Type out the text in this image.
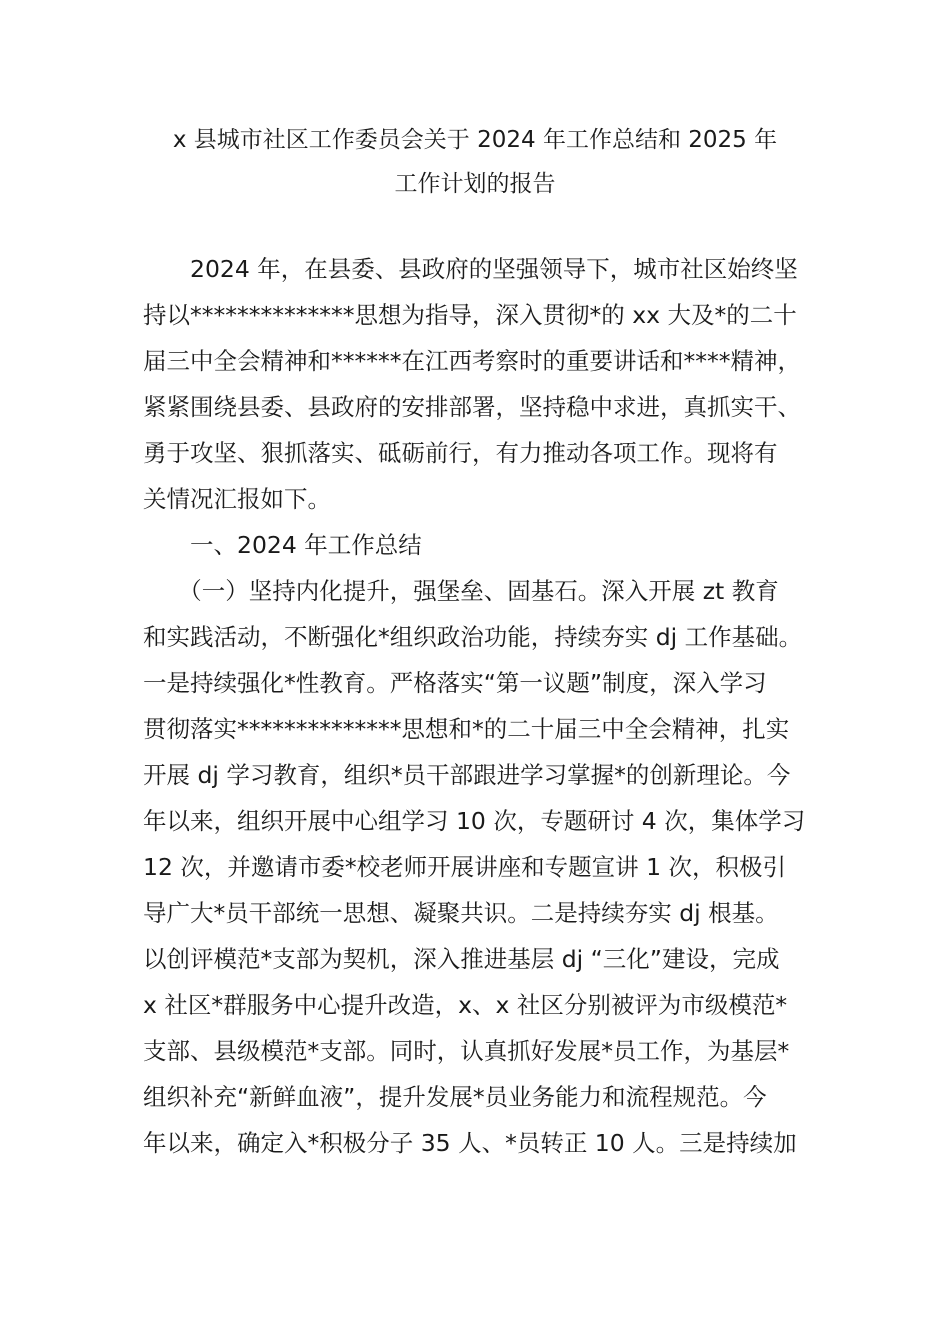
x 县城市社区工作委员会关于 2024 年工作总结和 2025 年
工作计划的报告

　　2024 年，在县委、县政府的坚强领导下，城市社区始终坚

持以**************思想为指导，深入贯彻*的 xx 大及*的二十

届三中全会精神和******在江西考察时的重要讲话和****精神，

紧紧围绕县委、县政府的安排部署，坚持稳中求进，真抓实干、

勇于攻坚、狠抓落实、砥砺前行，有力推动各项工作。现将有

关情况汇报如下。

　　一、2024 年工作总结

　　（一）坚持内化提升，强堡垒、固基石。深入开展 zt 教育

和实践活动，不断强化*组织政治功能，持续夯实 dj 工作基础。

一是持续强化*性教育。严格落实“第一议题”制度，深入学习

贯彻落实**************思想和*的二十届三中全会精神，扎实

开展 dj 学习教育，组织*员干部跟进学习掌握*的创新理论。今

年以来，组织开展中心组学习 10 次，专题研讨 4 次，集体学习

12 次，并邀请市委*校老师开展讲座和专题宣讲 1 次，积极引

导广大*员干部统一思想、凝聚共识。二是持续夯实 dj 根基。

以创评模范*支部为契机，深入推进基层 dj “三化”建设，完成

x 社区*群服务中心提升改造，x、x 社区分别被评为市级模范*

支部、县级模范*支部。同时，认真抓好发展*员工作，为基层*

组织补充“新鲜血液”，提升发展*员业务能力和流程规范。今

年以来，确定入*积极分子 35 人、*员转正 10 人。三是持续加
